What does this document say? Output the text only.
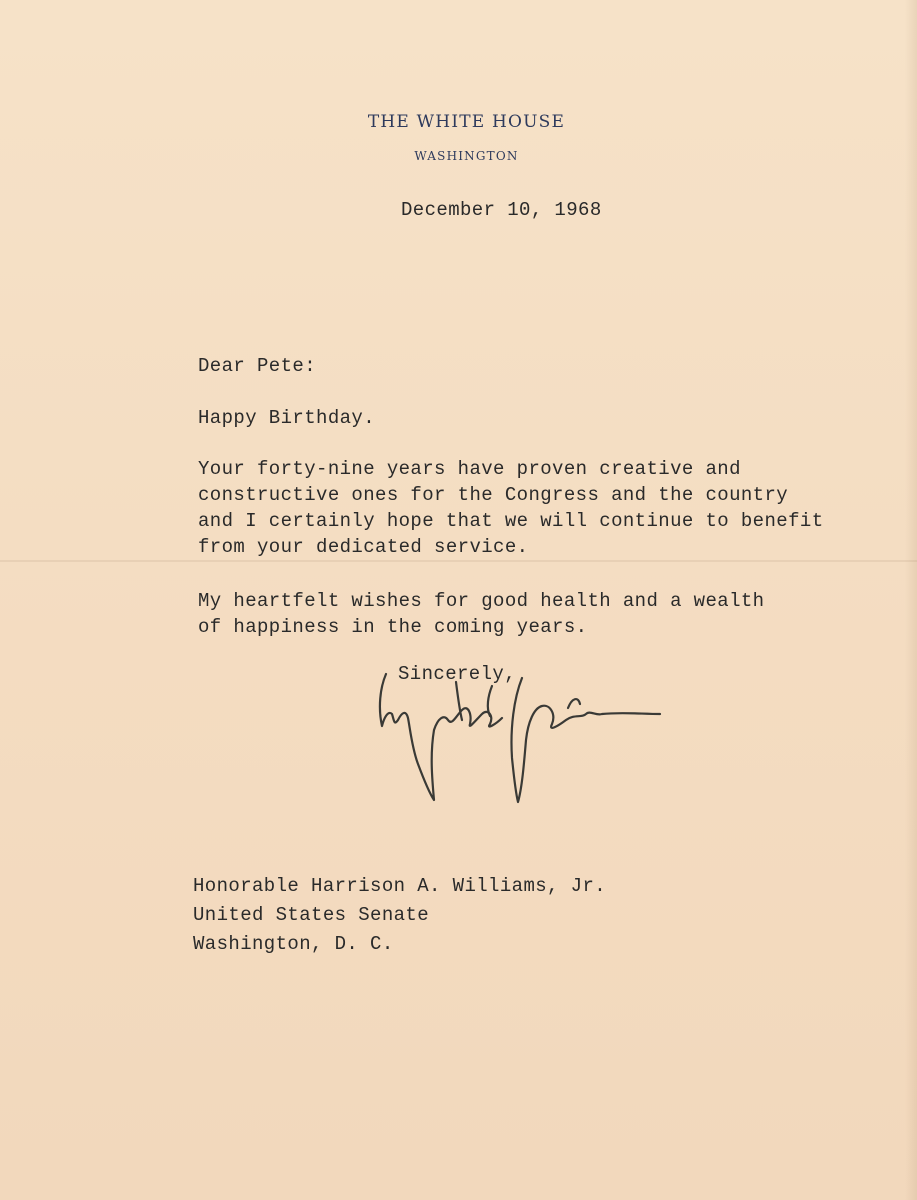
THE WHITE HOUSE
WASHINGTON
December 10, 1968
Dear Pete:

Happy Birthday.

Your forty-nine years have proven creative and
constructive ones for the Congress and the country
and I certainly hope that we will continue to benefit
from your dedicated service.

My heartfelt wishes for good health and a wealth
of happiness in the coming years.

Sincerely,
Honorable Harrison A. Williams, Jr.
United States Senate
Washington, D. C.
